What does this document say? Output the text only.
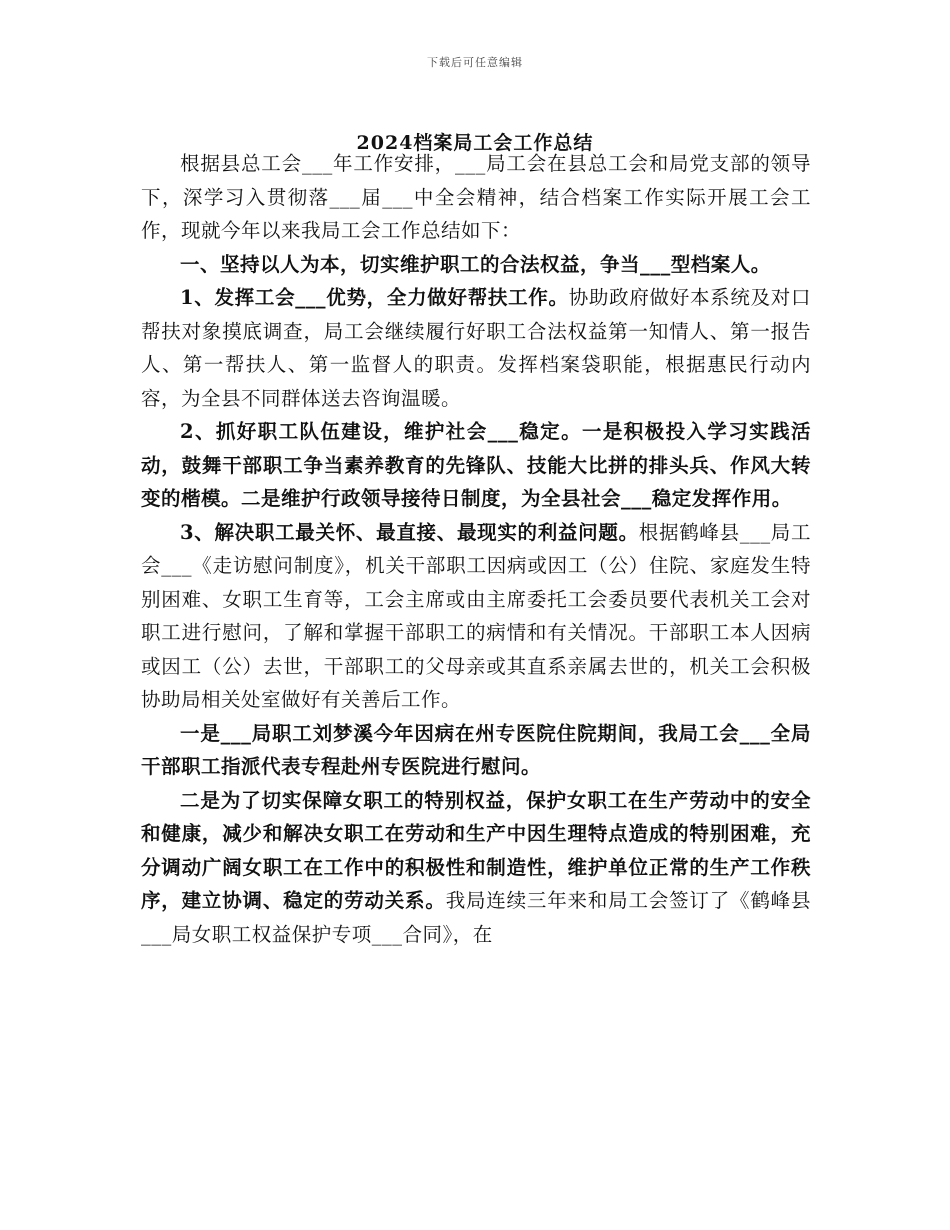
下载后可任意编辑
2024档案局工会工作总结

根据县总工会___年工作安排，___局工会在县总工会和局党支部的领导下，深学习入贯彻落___届___中全会精神，结合档案工作实际开展工会工作，现就今年以来我局工会工作总结如下：

一、坚持以人为本，切实维护职工的合法权益，争当___型档案人。

1、发挥工会___优势，全力做好帮扶工作。协助政府做好本系统及对口帮扶对象摸底调查，局工会继续履行好职工合法权益第一知情人、第一报告人、第一帮扶人、第一监督人的职责。发挥档案袋职能，根据惠民行动内容，为全县不同群体送去咨询温暖。

2、抓好职工队伍建设，维护社会___稳定。一是积极投入学习实践活动，鼓舞干部职工争当素养教育的先锋队、技能大比拼的排头兵、作风大转变的楷模。二是维护行政领导接待日制度，为全县社会___稳定发挥作用。

3、解决职工最关怀、最直接、最现实的利益问题。根据鹤峰县___局工会___《走访慰问制度》，机关干部职工因病或因工（公）住院、家庭发生特别困难、女职工生育等，工会主席或由主席委托工会委员要代表机关工会对职工进行慰问，了解和掌握干部职工的病情和有关情况。干部职工本人因病或因工（公）去世，干部职工的父母亲或其直系亲属去世的，机关工会积极协助局相关处室做好有关善后工作。

一是___局职工刘梦溪今年因病在州专医院住院期间，我局工会___全局干部职工指派代表专程赴州专医院进行慰问。

二是为了切实保障女职工的特别权益，保护女职工在生产劳动中的安全和健康，减少和解决女职工在劳动和生产中因生理特点造成的特别困难，充分调动广阔女职工在工作中的积极性和制造性，维护单位正常的生产工作秩序，建立协调、稳定的劳动关系。我局连续三年来和局工会签订了《鹤峰县___局女职工权益保护专项___合同》，在
